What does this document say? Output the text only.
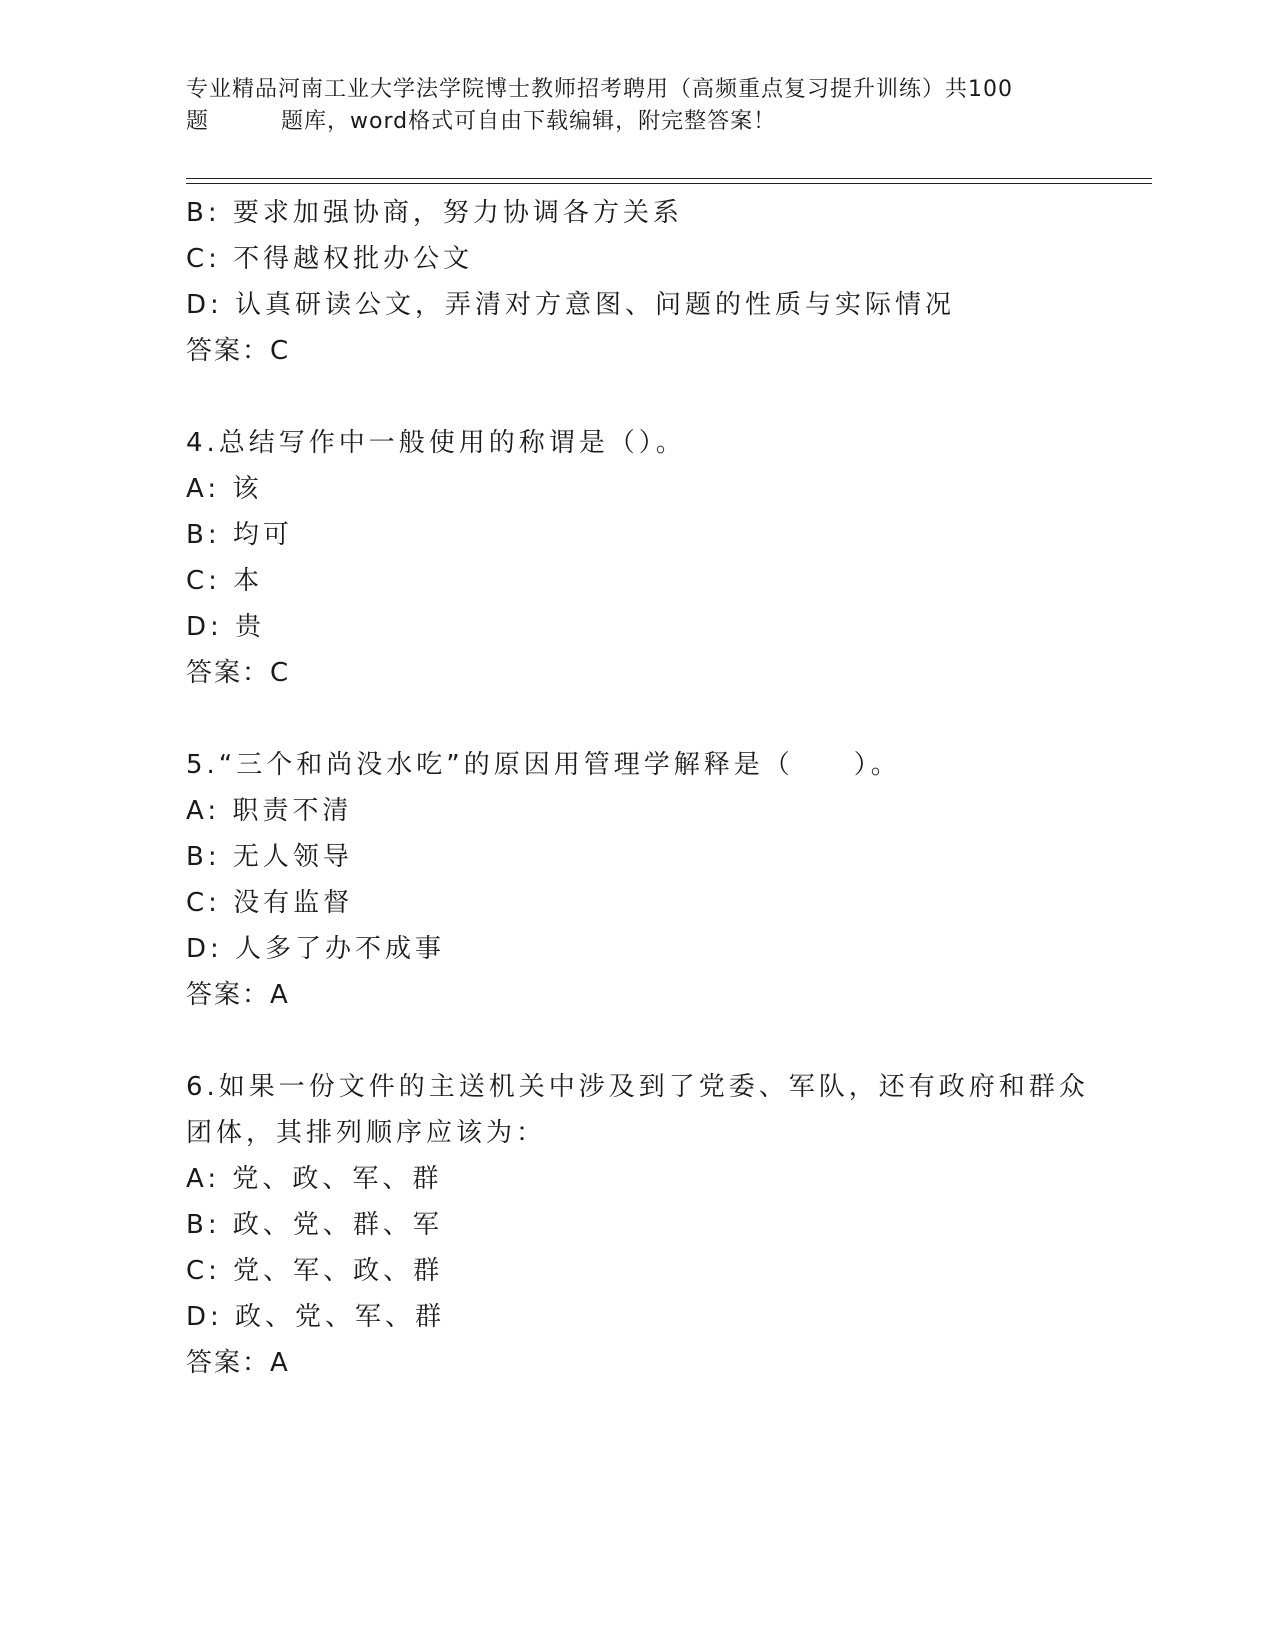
专业精品河南工业大学法学院博士教师招考聘用（高频重点复习提升训练）共100
题	题库，word格式可自由下载编辑，附完整答案！
B: 要求加强协商，努力协调各方关系
C: 不得越权批办公文
D: 认真研读公文，弄清对方意图、问题的性质与实际情况
答案：C
4.总结写作中一般使用的称谓是（）。
A: 该
B: 均可
C: 本
D: 贵
答案：C
5.“三个和尚没水吃”的原因用管理学解释是（　　）。
A: 职责不清
B: 无人领导
C: 没有监督
D: 人多了办不成事
答案：A
6.如果一份文件的主送机关中涉及到了党委、军队，还有政府和群众
团体，其排列顺序应该为：
A: 党、政、军、群
B: 政、党、群、军
C: 党、军、政、群
D: 政、党、军、群
答案：A
